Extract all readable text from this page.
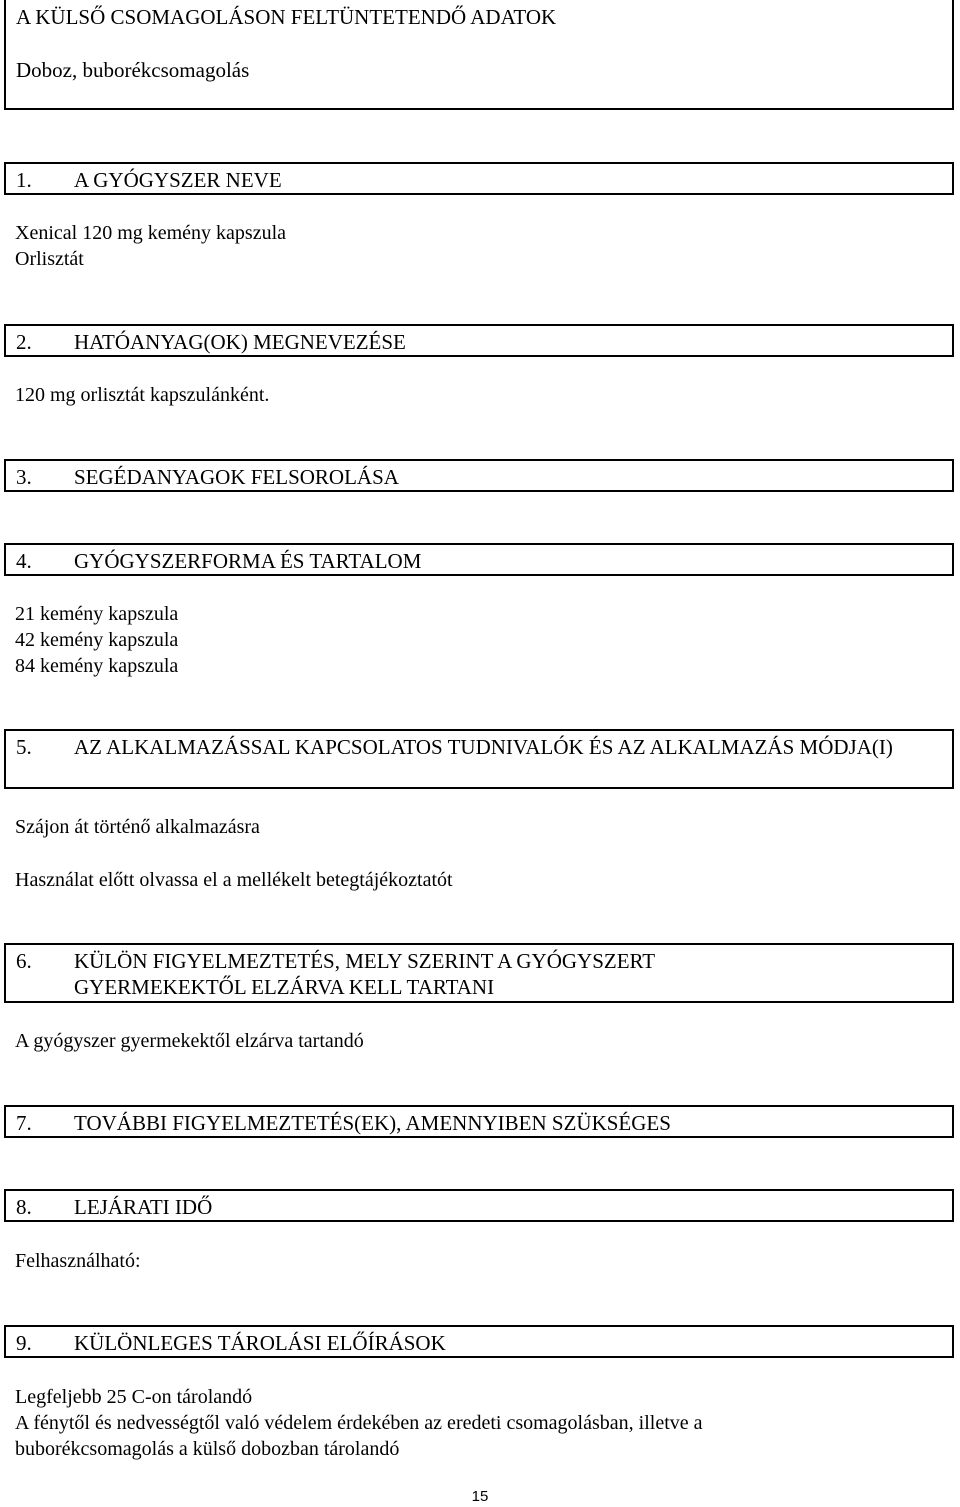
A KÜLSŐ CSOMAGOLÁSON FELTÜNTETENDŐ ADATOK
Doboz, buborékcsomagolás
1. A GYÓGYSZER NEVE
Xenical 120 mg kemény kapszula
Orlisztát
2. HATÓANYAG(OK) MEGNEVEZÉSE
120 mg orlisztát kapszulánként.
3. SEGÉDANYAGOK FELSOROLÁSA
4. GYÓGYSZERFORMA ÉS TARTALOM
21 kemény kapszula
42 kemény kapszula
84 kemény kapszula
5.	AZ ALKALMAZÁSSAL KAPCSOLATOS TUDNIVALÓK ÉS AZ ALKALMAZÁS MÓDJA(I)
Szájon át történő alkalmazásra
Használat előtt olvassa el a mellékelt betegtájékoztatót
6.	KÜLÖN FIGYELMEZTETÉS, MELY SZERINT A GYÓGYSZERT GYERMEKEKTŐL ELZÁRVA KELL TARTANI
A gyógyszer gyermekektől elzárva tartandó
7. TOVÁBBI FIGYELMEZTETÉS(EK), AMENNYIBEN SZÜKSÉGES
8. LEJÁRATI IDŐ
Felhasználható:
9. KÜLÖNLEGES TÁROLÁSI ELŐÍRÁSOK
Legfeljebb 25 C-on tárolandó
A fénytől és nedvességtől való védelem érdekében az eredeti csomagolásban, illetve a
buborékcsomagolás a külső dobozban tárolandó
15
